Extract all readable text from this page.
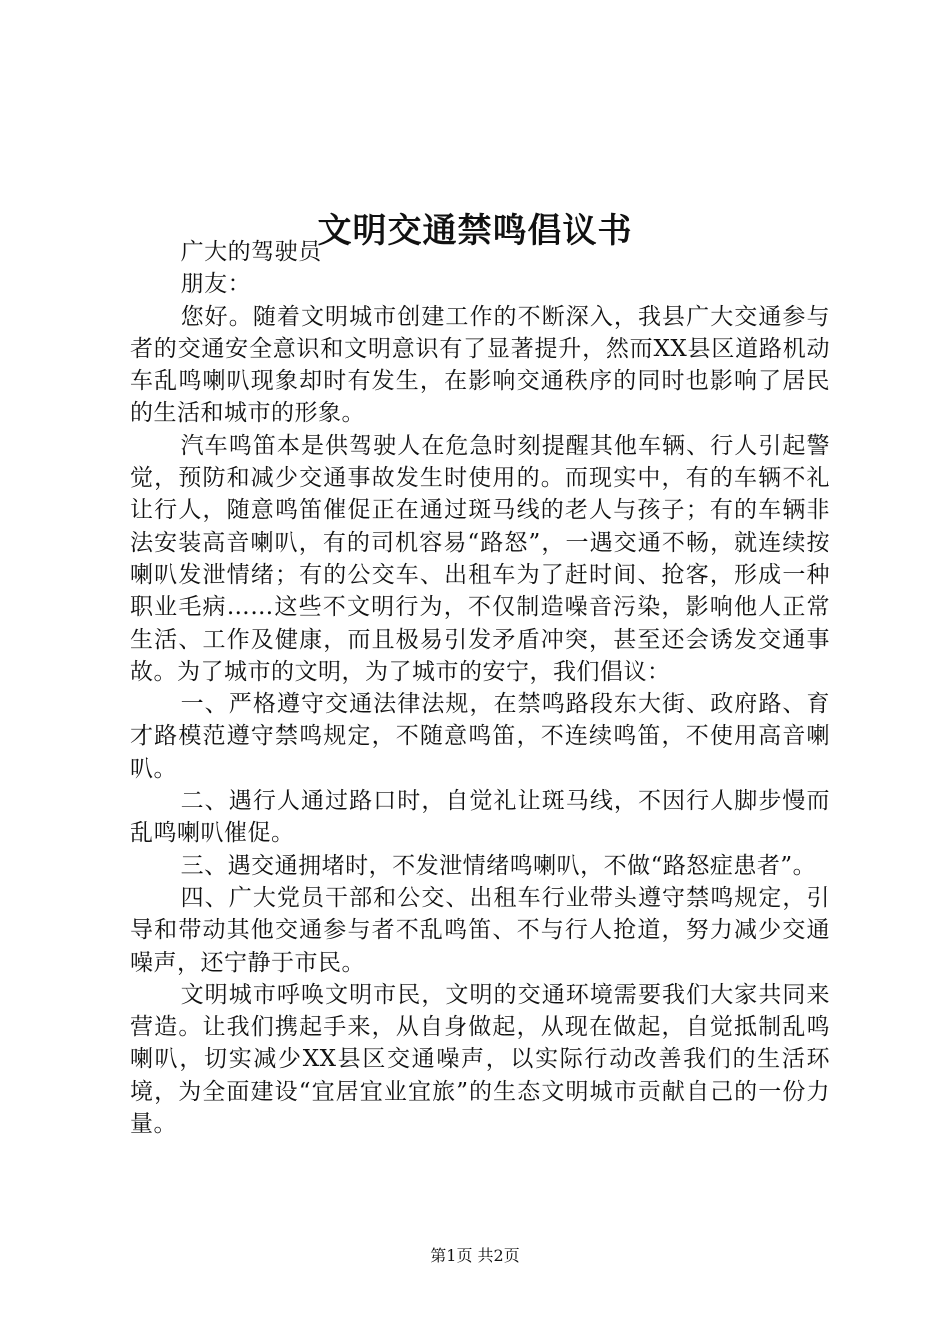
文明交通禁鸣倡议书

广大的驾驶员

朋友：

您好。随着文明城市创建工作的不断深入，我县广大交通参与者的交通安全意识和文明意识有了显著提升，然而XX县区道路机动车乱鸣喇叭现象却时有发生，在影响交通秩序的同时也影响了居民的生活和城市的形象。

汽车鸣笛本是供驾驶人在危急时刻提醒其他车辆、行人引起警觉，预防和减少交通事故发生时使用的。而现实中，有的车辆不礼让行人，随意鸣笛催促正在通过斑马线的老人与孩子；有的车辆非法安装高音喇叭，有的司机容易“路怒”，一遇交通不畅，就连续按喇叭发泄情绪；有的公交车、出租车为了赶时间、抢客，形成一种职业毛病……这些不文明行为，不仅制造噪音污染，影响他人正常生活、工作及健康，而且极易引发矛盾冲突，甚至还会诱发交通事故。为了城市的文明，为了城市的安宁，我们倡议：

一、严格遵守交通法律法规，在禁鸣路段东大街、政府路、育才路模范遵守禁鸣规定，不随意鸣笛，不连续鸣笛，不使用高音喇叭。

二、遇行人通过路口时，自觉礼让斑马线，不因行人脚步慢而乱鸣喇叭催促。

三、遇交通拥堵时，不发泄情绪鸣喇叭，不做“路怒症患者”。

四、广大党员干部和公交、出租车行业带头遵守禁鸣规定，引导和带动其他交通参与者不乱鸣笛、不与行人抢道，努力减少交通噪声，还宁静于市民。

文明城市呼唤文明市民，文明的交通环境需要我们大家共同来营造。让我们携起手来，从自身做起，从现在做起，自觉抵制乱鸣喇叭，切实减少XX县区交通噪声，以实际行动改善我们的生活环境，为全面建设“宜居宜业宜旅”的生态文明城市贡献自己的一份力量。

第1页 共2页
